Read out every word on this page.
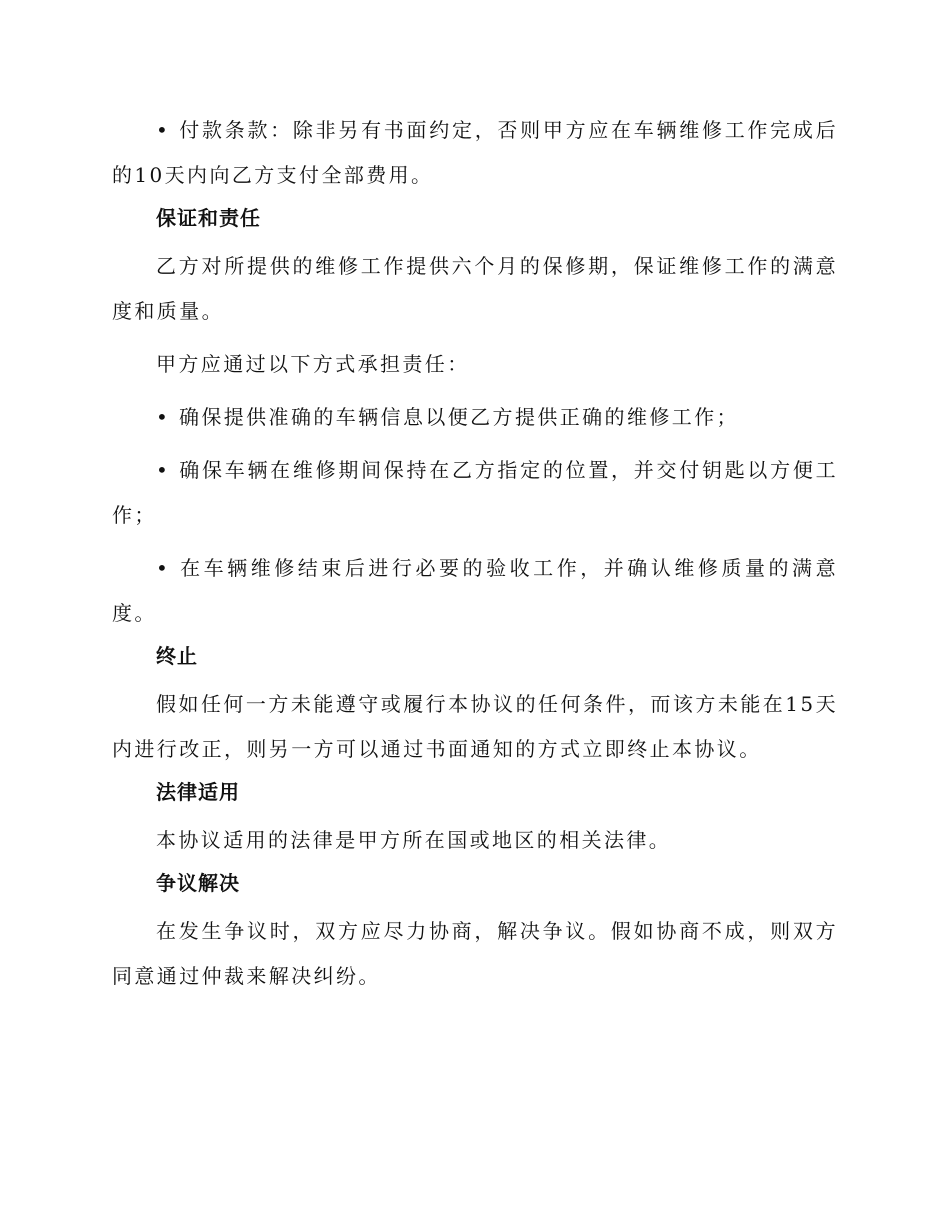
• 付款条款：除非另有书面约定，否则甲方应在车辆维修工作完成后的10天内向乙方支付全部费用。

保证和责任

乙方对所提供的维修工作提供六个月的保修期，保证维修工作的满意度和质量。

甲方应通过以下方式承担责任：

• 确保提供准确的车辆信息以便乙方提供正确的维修工作；

• 确保车辆在维修期间保持在乙方指定的位置，并交付钥匙以方便工作；

• 在车辆维修结束后进行必要的验收工作，并确认维修质量的满意度。

终止

假如任何一方未能遵守或履行本协议的任何条件，而该方未能在15天内进行改正，则另一方可以通过书面通知的方式立即终止本协议。

法律适用

本协议适用的法律是甲方所在国或地区的相关法律。

争议解决

在发生争议时，双方应尽力协商，解决争议。假如协商不成，则双方同意通过仲裁来解决纠纷。
